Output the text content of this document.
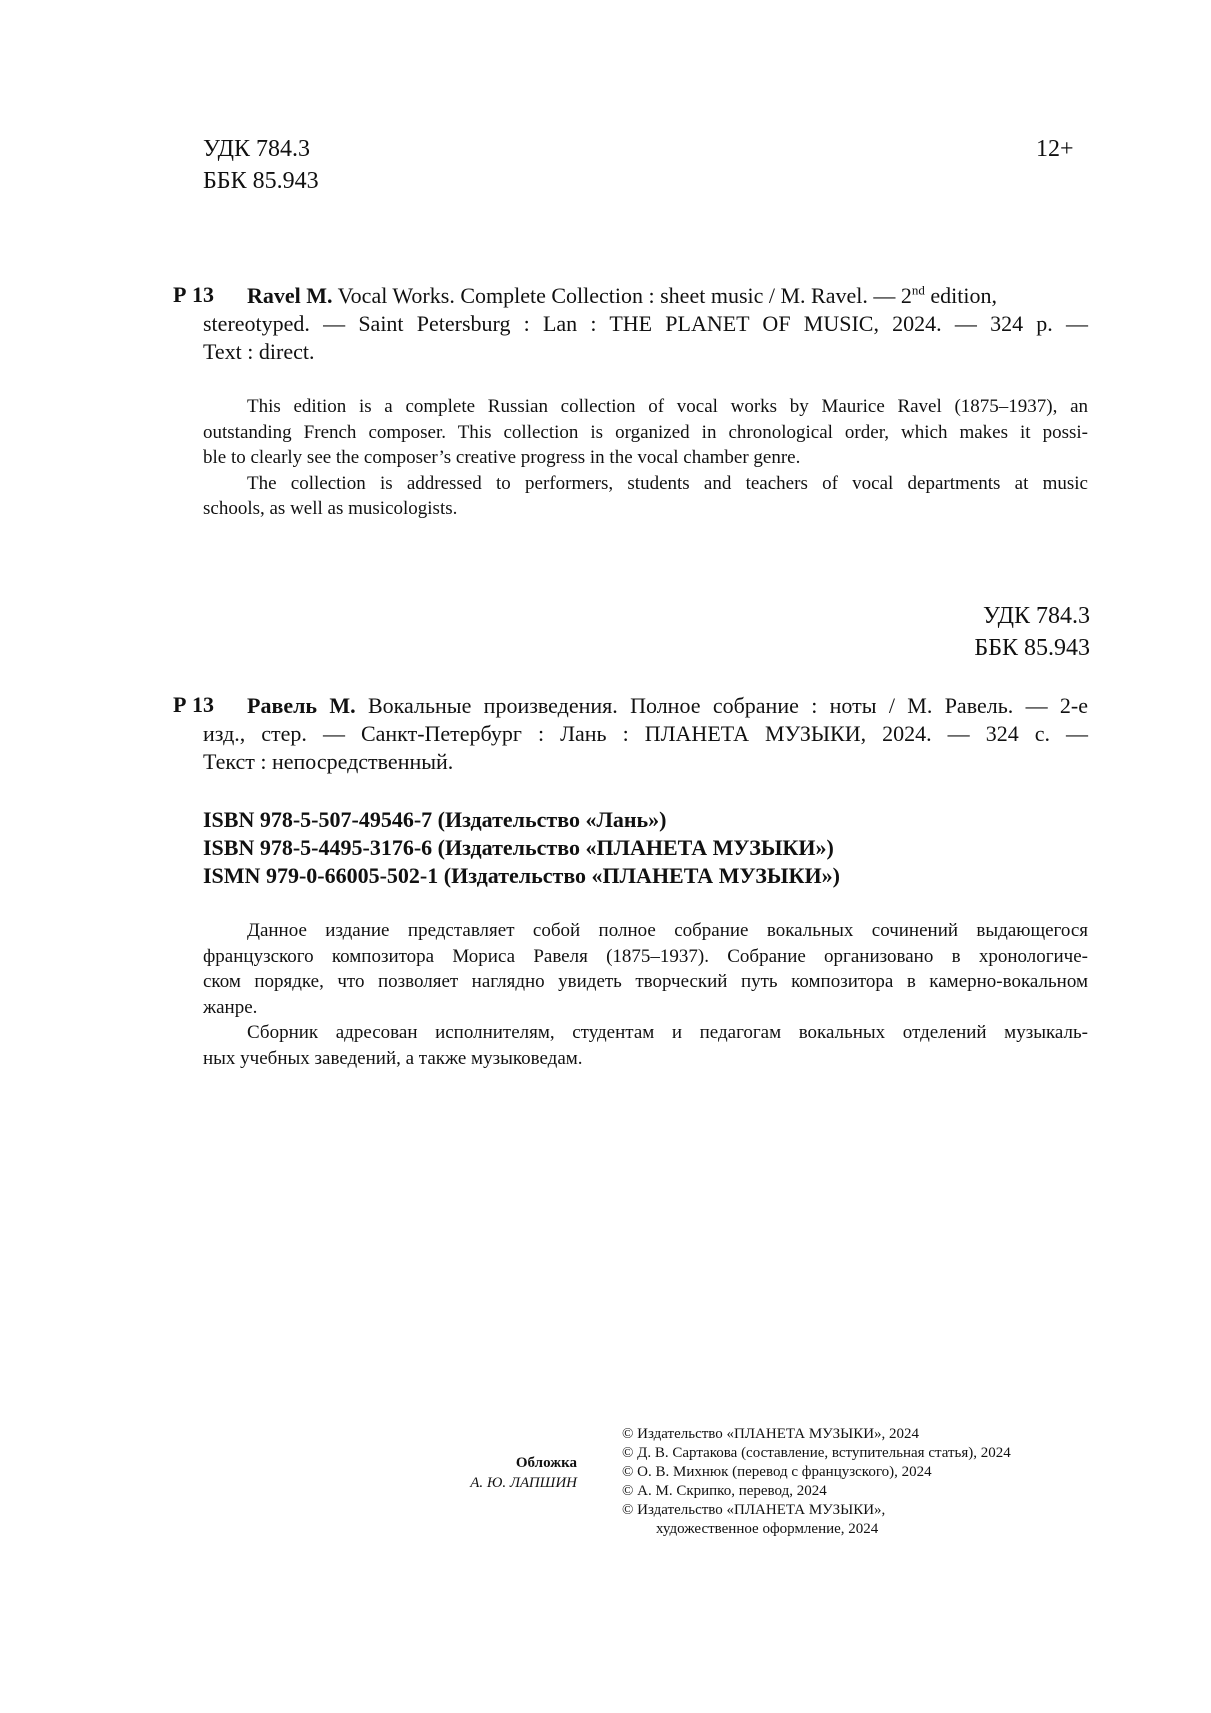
УДК 784.3
ББК 85.943
12+
Р 13 Ravel M. Vocal Works. Complete Collection : sheet music / M. Ravel. — 2nd edition,
stereotyped. — Saint Petersburg : Lan : THE PLANET OF MUSIC, 2024. — 324 p. —
Text : direct.
This edition is a complete Russian collection of vocal works by Maurice Ravel (1875–1937), an
outstanding French composer. This collection is organized in chronological order, which makes it possi-
ble to clearly see the composer’s creative progress in the vocal chamber genre.
The collection is addressed to performers, students and teachers of vocal departments at music
schools, as well as musicologists.
УДК 784.3
ББК 85.943
Р 13 Равель М. Вокальные произведения. Полное собрание : ноты / М. Равель. — 2-е
изд., стер. — Санкт-Петербург : Лань : ПЛАНЕТА МУЗЫКИ, 2024. — 324 с. —
Текст : непосредственный.
ISBN 978-5-507-49546-7 (Издательство «Лань»)
ISBN 978-5-4495-3176-6 (Издательство «ПЛАНЕТА МУЗЫКИ»)
ISMN 979-0-66005-502-1 (Издательство «ПЛАНЕТА МУЗЫКИ»)
Данное издание представляет собой полное собрание вокальных сочинений выдающегося
французского композитора Мориса Равеля (1875–1937). Собрание организовано в хронологиче-
ском порядке, что позволяет наглядно увидеть творческий путь композитора в камерно-вокальном
жанре.
Сборник адресован исполнителям, студентам и педагогам вокальных отделений музыкаль-
ных учебных заведений, а также музыковедам.
Обложка
А. Ю. ЛАПШИН
© Издательство «ПЛАНЕТА МУЗЫКИ», 2024
© Д. В. Сартакова (составление, вступительная статья), 2024
© О. В. Михнюк (перевод с французского), 2024
© А. М. Скрипко, перевод, 2024
© Издательство «ПЛАНЕТА МУЗЫКИ»,
художественное оформление, 2024
